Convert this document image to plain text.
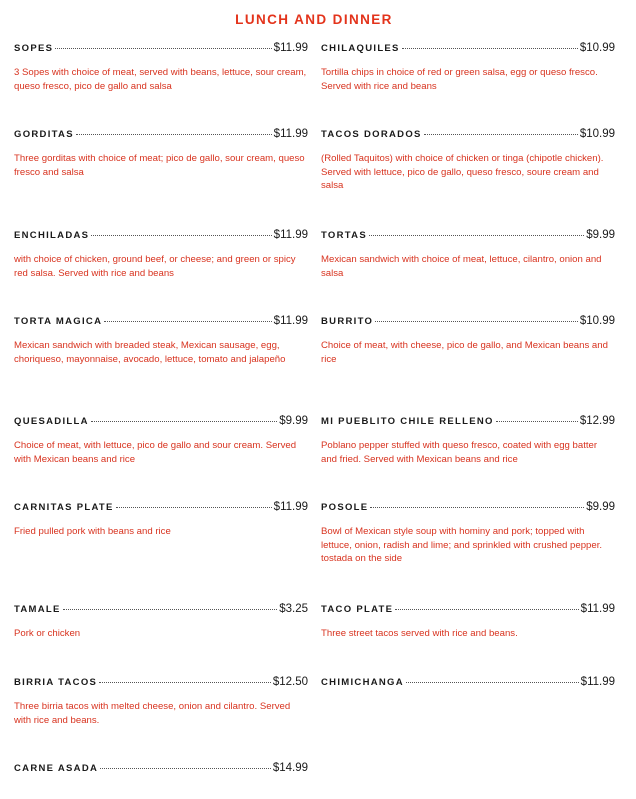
LUNCH AND DINNER
SOPES	$11.99
3 Sopes with choice of meat, served with beans, lettuce, sour cream, queso fresco, pico de gallo and salsa
CHILAQUILES	$10.99
Tortilla chips in choice of red or green salsa, egg or queso fresco. Served with rice and beans
GORDITAS	$11.99
Three gorditas with choice of meat; pico de gallo, sour cream, queso fresco and salsa
TACOS DORADOS	$10.99
(Rolled Taquitos) with choice of chicken or tinga (chipotle chicken). Served with lettuce, pico de gallo, queso fresco, soure cream and salsa
ENCHILADAS	$11.99
with choice of chicken, ground beef, or cheese; and green or spicy red salsa. Served with rice and beans
TORTAS	$9.99
Mexican sandwich with choice of meat, lettuce, cilantro, onion and salsa
TORTA MAGICA	$11.99
Mexican sandwich with breaded steak, Mexican sausage, egg, choriqueso, mayonnaise, avocado, lettuce, tomato and jalapeño
BURRITO	$10.99
Choice of meat, with cheese, pico de gallo, and Mexican beans and rice
QUESADILLA	$9.99
Choice of meat, with lettuce, pico de gallo and sour cream. Served with Mexican beans and rice
MI PUEBLITO CHILE RELLENO	$12.99
Poblano pepper stuffed with queso fresco, coated with egg batter and fried. Served with Mexican beans and rice
CARNITAS PLATE	$11.99
Fried pulled pork with beans and rice
POSOLE	$9.99
Bowl of Mexican style soup with hominy and pork; topped with lettuce, onion, radish and lime; and sprinkled with crushed pepper. tostada on the side
TAMALE	$3.25
Pork or chicken
TACO PLATE	$11.99
Three street tacos served with rice and beans.
BIRRIA TACOS	$12.50
Three birria tacos with melted cheese, onion and cilantro. Served with rice and beans.
CHIMICHANGA	$11.99
CARNE ASADA	$14.99
